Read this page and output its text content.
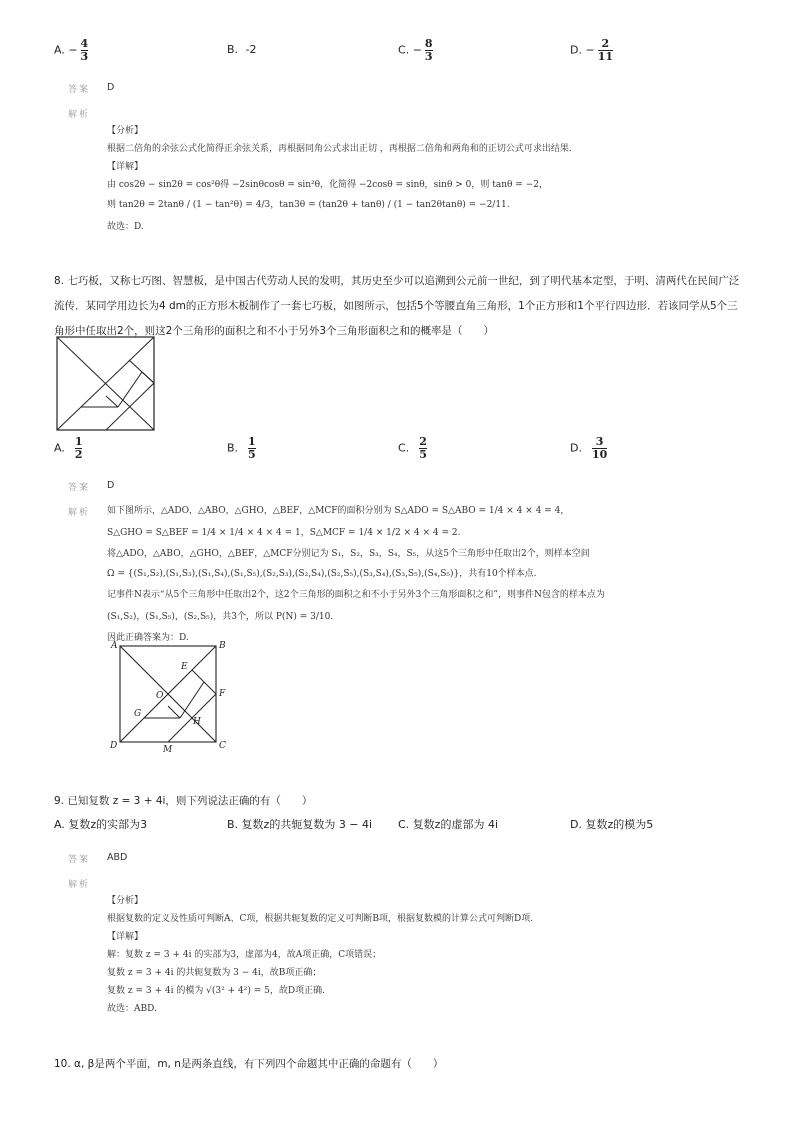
A. − $\frac{4}{3}$	B. -2	C. − $\frac{8}{3}$	D. − $\frac{2}{11}$
答案 D
解析
【分析】
根据二倍角的余弦公式化简得正余弦关系，再根据同角公式求出正切 ，再根据二倍角和两角和的正切公式可求出结果.
【详解】
由 cos2θ − sin2θ = cos²θ得 −2sinθcosθ = sin²θ，化简得 −2cosθ = sinθ，sinθ > 0，则 tanθ = −2，
则 tan2θ = 2tanθ / (1 − tan²θ) = 4/3，tan3θ = (tan2θ + tanθ) / (1 − tan2θtanθ) = −2/11.
故选：D.
8. 七巧板，又称七巧图、智慧板，是中国古代劳动人民的发明，其历史至少可以追溯到公元前一世纪，到了明代基本定型，于明、清两代在民间广泛
流传．某同学用边长为4 dm的正方形木板制作了一套七巧板，如图所示，包括5个等腰直角三角形，1个正方形和1个平行四边形．若该同学从5个三
角形中任取出2个，则这2个三角形的面积之和不小于另外3个三角形面积之和的概率是（　　）
A. $\frac{1}{2}$	B. $\frac{1}{5}$	C. $\frac{2}{5}$	D. $\frac{3}{10}$
答案 D
解析 如下图所示，△ADO，△ABO，△GHO，△BEF，△MCF的面积分别为 S△ADO = S△ABO = 1/4 × 4 × 4 = 4，
S△GHO = S△BEF = 1/4 × 1/4 × 4 × 4 = 1，S△MCF = 1/4 × 1/2 × 4 × 4 = 2.
将△ADO，△ABO，△GHO，△BEF，△MCF分别记为 S₁，S₂，S₃，S₄，S₅，从这5个三角形中任取出2个，则样本空间
Ω = {(S₁,S₂),(S₁,S₃),(S₁,S₄),(S₁,S₅),(S₂,S₃),(S₂,S₄),(S₂,S₅),(S₃,S₄),(S₃,S₅),(S₄,S₅)}，共有10个样本点.
记事件N表示“从5个三角形中任取出2个，这2个三角形的面积之和不小于另外3个三角形面积之和”，则事件N包含的样本点为
(S₁,S₂)，(S₁,S₅)，(S₂,S₅)，共3个，所以 P(N) = 3/10.
因此正确答案为：D.
A	B
C
D
E
F
G
H
M
O
9. 已知复数 z = 3 + 4i，则下列说法正确的有（　　）
A. 复数z的实部为3	B. 复数z的共轭复数为 3 − 4i C. 复数z的虚部为 4i	D. 复数z的模为5
答案 ABD
解析
【分析】
根据复数的定义及性质可判断A、C项，根据共轭复数的定义可判断B项，根据复数模的计算公式可判断D项.
【详解】
解：复数 z = 3 + 4i 的实部为3，虚部为4，故A项正确，C项错误；
复数 z = 3 + 4i 的共轭复数为 3 − 4i，故B项正确；
复数 z = 3 + 4i 的模为 √(3² + 4²) = 5，故D项正确.
故选：ABD.
10. α, β是两个平面，m, n是两条直线，有下列四个命题其中正确的命题有（　　）
